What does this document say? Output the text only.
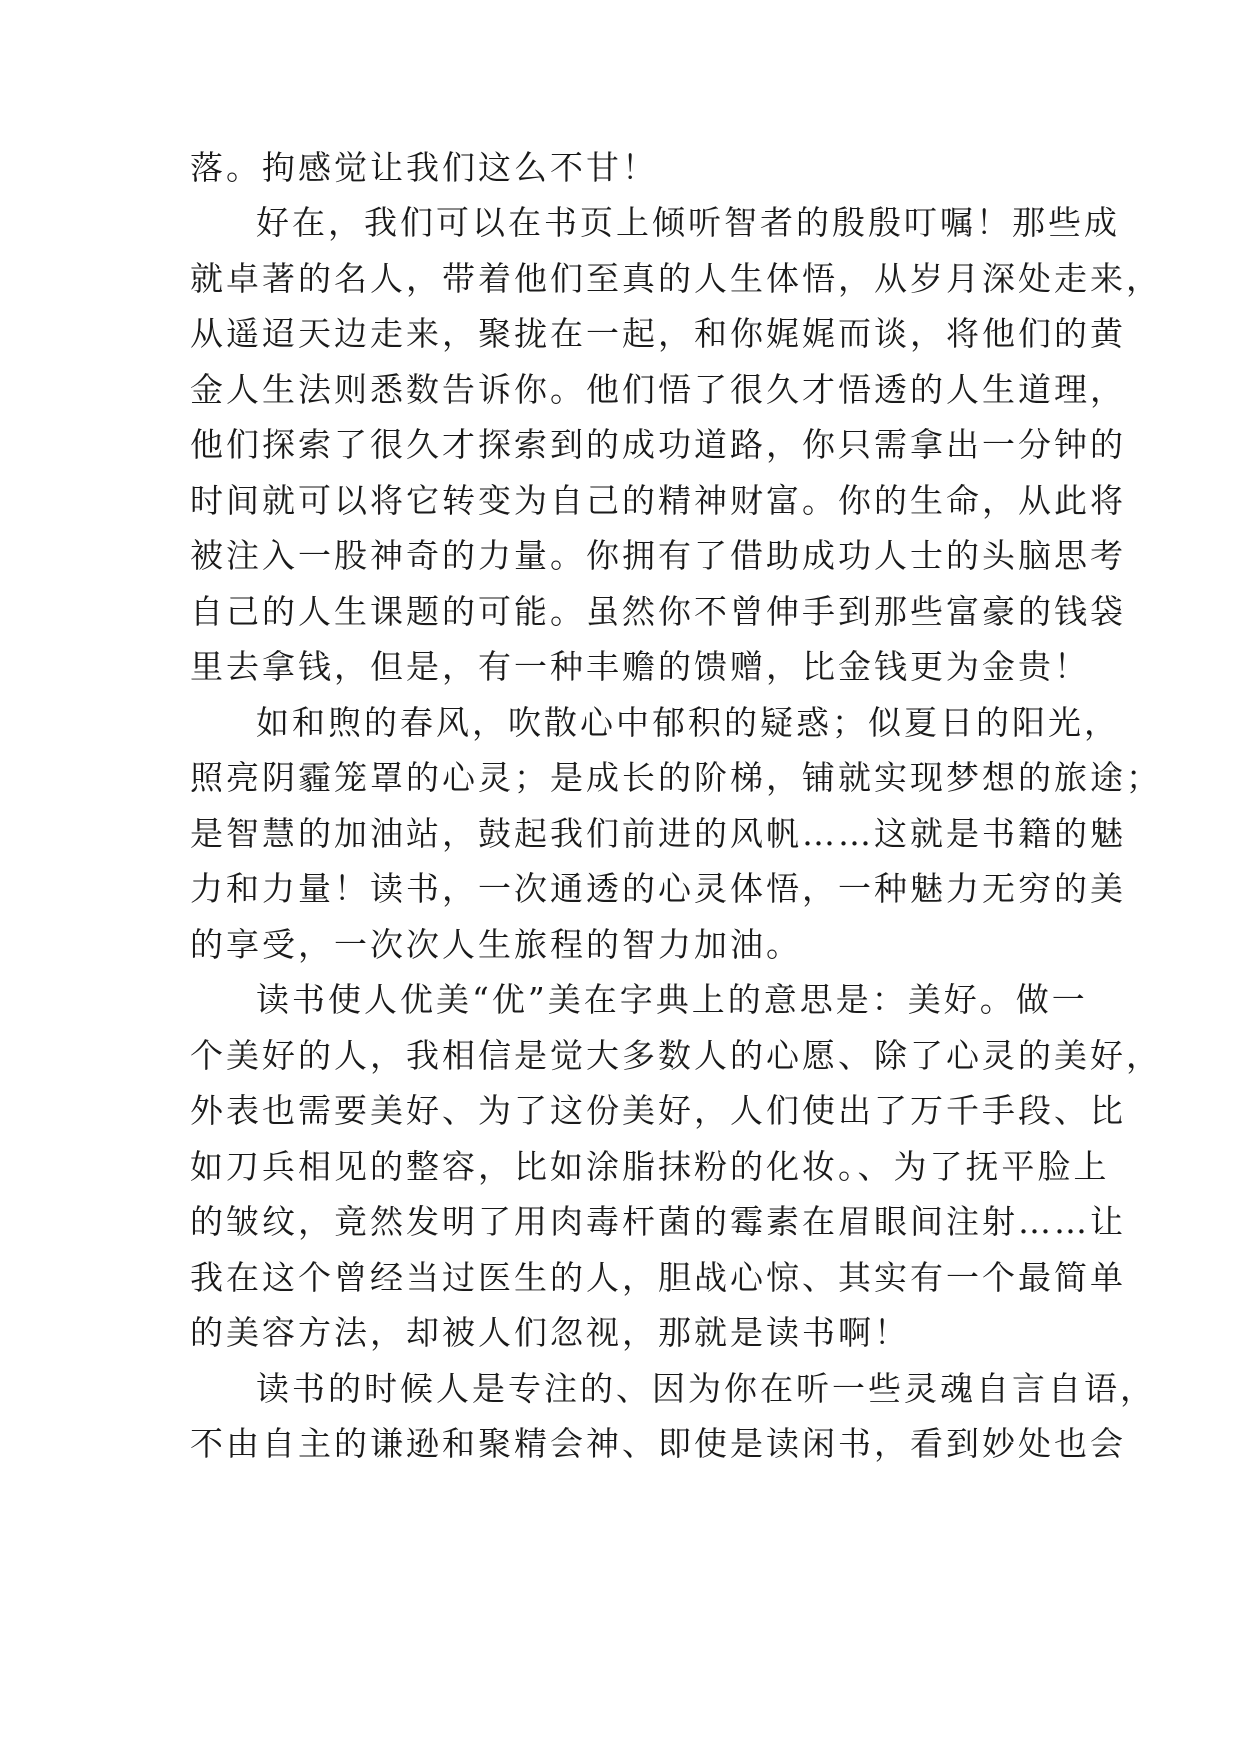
落。拘感觉让我们这么不甘！
好在，我们可以在书页上倾听智者的殷殷叮嘱！那些成
就卓著的名人，带着他们至真的人生体悟，从岁月深处走来，
从遥迢天边走来，聚拢在一起，和你娓娓而谈，将他们的黄
金人生法则悉数告诉你。他们悟了很久才悟透的人生道理，
他们探索了很久才探索到的成功道路，你只需拿出一分钟的
时间就可以将它转变为自己的精神财富。你的生命，从此将
被注入一股神奇的力量。你拥有了借助成功人士的头脑思考
自己的人生课题的可能。虽然你不曾伸手到那些富豪的钱袋
里去拿钱，但是，有一种丰赡的馈赠，比金钱更为金贵！
如和煦的春风，吹散心中郁积的疑惑；似夏日的阳光，
照亮阴霾笼罩的心灵；是成长的阶梯，铺就实现梦想的旅途；
是智慧的加油站，鼓起我们前进的风帆……这就是书籍的魅
力和力量！读书，一次通透的心灵体悟，一种魅力无穷的美
的享受，一次次人生旅程的智力加油。
读书使人优美“优”美在字典上的意思是：美好。做一
个美好的人，我相信是觉大多数人的心愿、除了心灵的美好，
外表也需要美好、为了这份美好，人们使出了万千手段、比
如刀兵相见的整容，比如涂脂抹粉的化妆。、为了抚平脸上
的皱纹，竟然发明了用肉毒杆菌的霉素在眉眼间注射……让
我在这个曾经当过医生的人，胆战心惊、其实有一个最简单
的美容方法，却被人们忽视，那就是读书啊！
读书的时候人是专注的、因为你在听一些灵魂自言自语，
不由自主的谦逊和聚精会神、即使是读闲书，看到妙处也会
